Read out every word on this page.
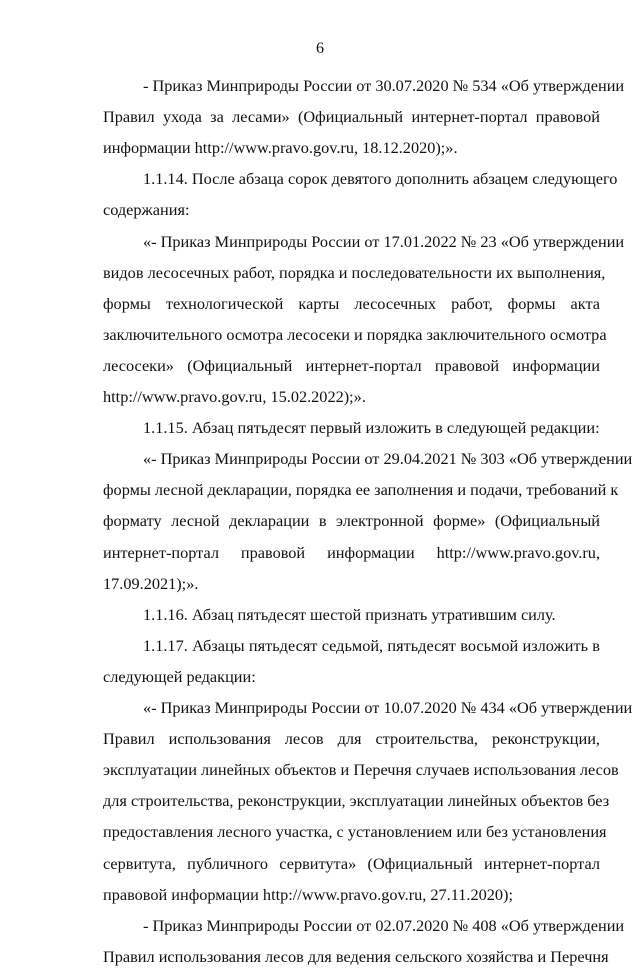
6
- Приказ Минприроды России от 30.07.2020 № 534 «Об утверждении
Правил ухода за лесами» (Официальный интернет-портал правовой
информации http://www.pravo.gov.ru, 18.12.2020);».
1.1.14. После абзаца сорок девятого дополнить абзацем следующего
содержания:
«- Приказ Минприроды России от 17.01.2022 № 23 «Об утверждении
видов лесосечных работ, порядка и последовательности их выполнения,
формы технологической карты лесосечных работ, формы акта
заключительного осмотра лесосеки и порядка заключительного осмотра
лесосеки» (Официальный интернет-портал правовой информации
http://www.pravo.gov.ru, 15.02.2022);».
1.1.15. Абзац пятьдесят первый изложить в следующей редакции:
«- Приказ Минприроды России от 29.04.2021 № 303 «Об утверждении
формы лесной декларации, порядка ее заполнения и подачи, требований к
формату лесной декларации в электронной форме» (Официальный
интернет-портал правовой информации http://www.pravo.gov.ru,
17.09.2021);».
1.1.16. Абзац пятьдесят шестой признать утратившим силу.
1.1.17. Абзацы пятьдесят седьмой, пятьдесят восьмой изложить в
следующей редакции:
«- Приказ Минприроды России от 10.07.2020 № 434 «Об утверждении
Правил использования лесов для строительства, реконструкции,
эксплуатации линейных объектов и Перечня случаев использования лесов
для строительства, реконструкции, эксплуатации линейных объектов без
предоставления лесного участка, с установлением или без установления
сервитута, публичного сервитута» (Официальный интернет-портал
правовой информации http://www.pravo.gov.ru, 27.11.2020);
- Приказ Минприроды России от 02.07.2020 № 408 «Об утверждении
Правил использования лесов для ведения сельского хозяйства и Перечня
